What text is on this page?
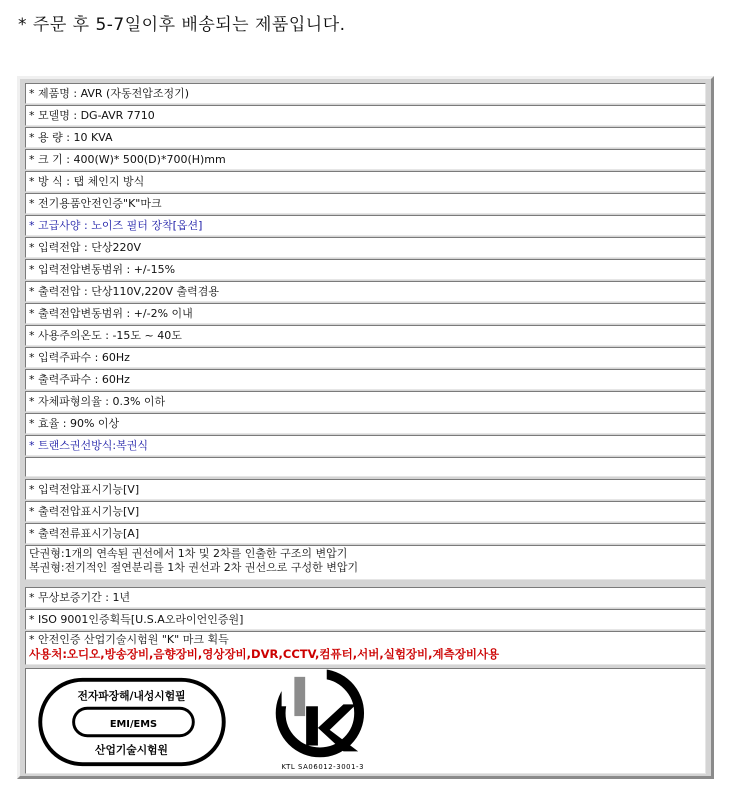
* 주문 후 5-7일이후 배송되는 제품입니다.
* 제품명 : AVR (자동전압조정기)
* 모델명 : DG-AVR 7710
* 용 량 : 10 KVA
* 크 기 : 400(W)* 500(D)*700(H)mm
* 방 식 : 탭 체인지 방식
* 전기용품안전인증"K"마크
* 고급사양 : 노이즈 필터 장착[옵션]
* 입력전압 : 단상220V
* 입력전압변동범위 : +/-15%
* 출력전압 : 단상110V,220V 출력겸용
* 출력전압변동범위 : +/-2% 이내
* 사용주의온도 : -15도 ~ 40도
* 입력주파수 : 60Hz
* 출력주파수 : 60Hz
* 자체파형의율 : 0.3% 이하
* 효율 : 90% 이상
* 트랜스권선방식:복권식
* 입력전압표시기능[V]
* 출력전압표시기능[V]
* 출력전류표시기능[A]
단권형:1개의 연속된 권선에서 1차 및 2차를 인출한 구조의 변압기
복권형:전기적인 절연분리를 1차 권선과 2차 권선으로 구성한 변압기
* 무상보증기간 : 1년
* ISO 9001인증획득[U.S.A오라이언인증원]
* 안전인증 산업기술시험원 "K" 마크 획득
사용처:오디오,방송장비,음향장비,영상장비,DVR,CCTV,컴퓨터,서버,실험장비,계측장비사용
전자파장해/내성시험필
EMI/EMS
산업기술시험원
KTL SA06012-3001-3
